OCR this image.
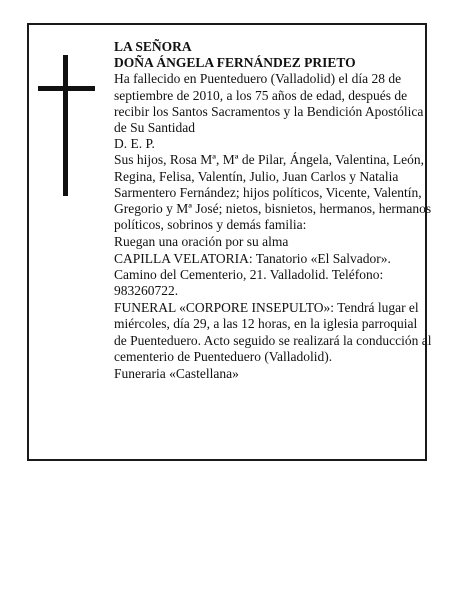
LA SEÑORA

DOÑA ÁNGELA FERNÁNDEZ PRIETO

Ha fallecido en Puenteduero (Valladolid) el día 28 de septiembre de 2010, a los 75 años de edad, después de recibir los Santos Sacramentos y la Bendición Apostólica de Su Santidad

D. E. P.

Sus hijos, Rosa Mª, Mª de Pilar, Ángela, Valentina, León, Regina, Felisa, Valentín, Julio, Juan Carlos y Natalia Sarmentero Fernández; hijos políticos, Vicente, Valentín, Gregorio y Mª José; nietos, bisnietos, hermanos, hermanos políticos, sobrinos y demás familia:

Ruegan una oración por su alma

CAPILLA VELATORIA: Tanatorio «El Salvador». Camino del Cementerio, 21. Valladolid. Teléfono: 983260722.

FUNERAL «CORPORE INSEPULTO»: Tendrá lugar el miércoles, día 29, a las 12 horas, en la iglesia parroquial de Puenteduero. Acto seguido se realizará la conducción al cementerio de Puenteduero (Valladolid).

Funeraria «Castellana»
